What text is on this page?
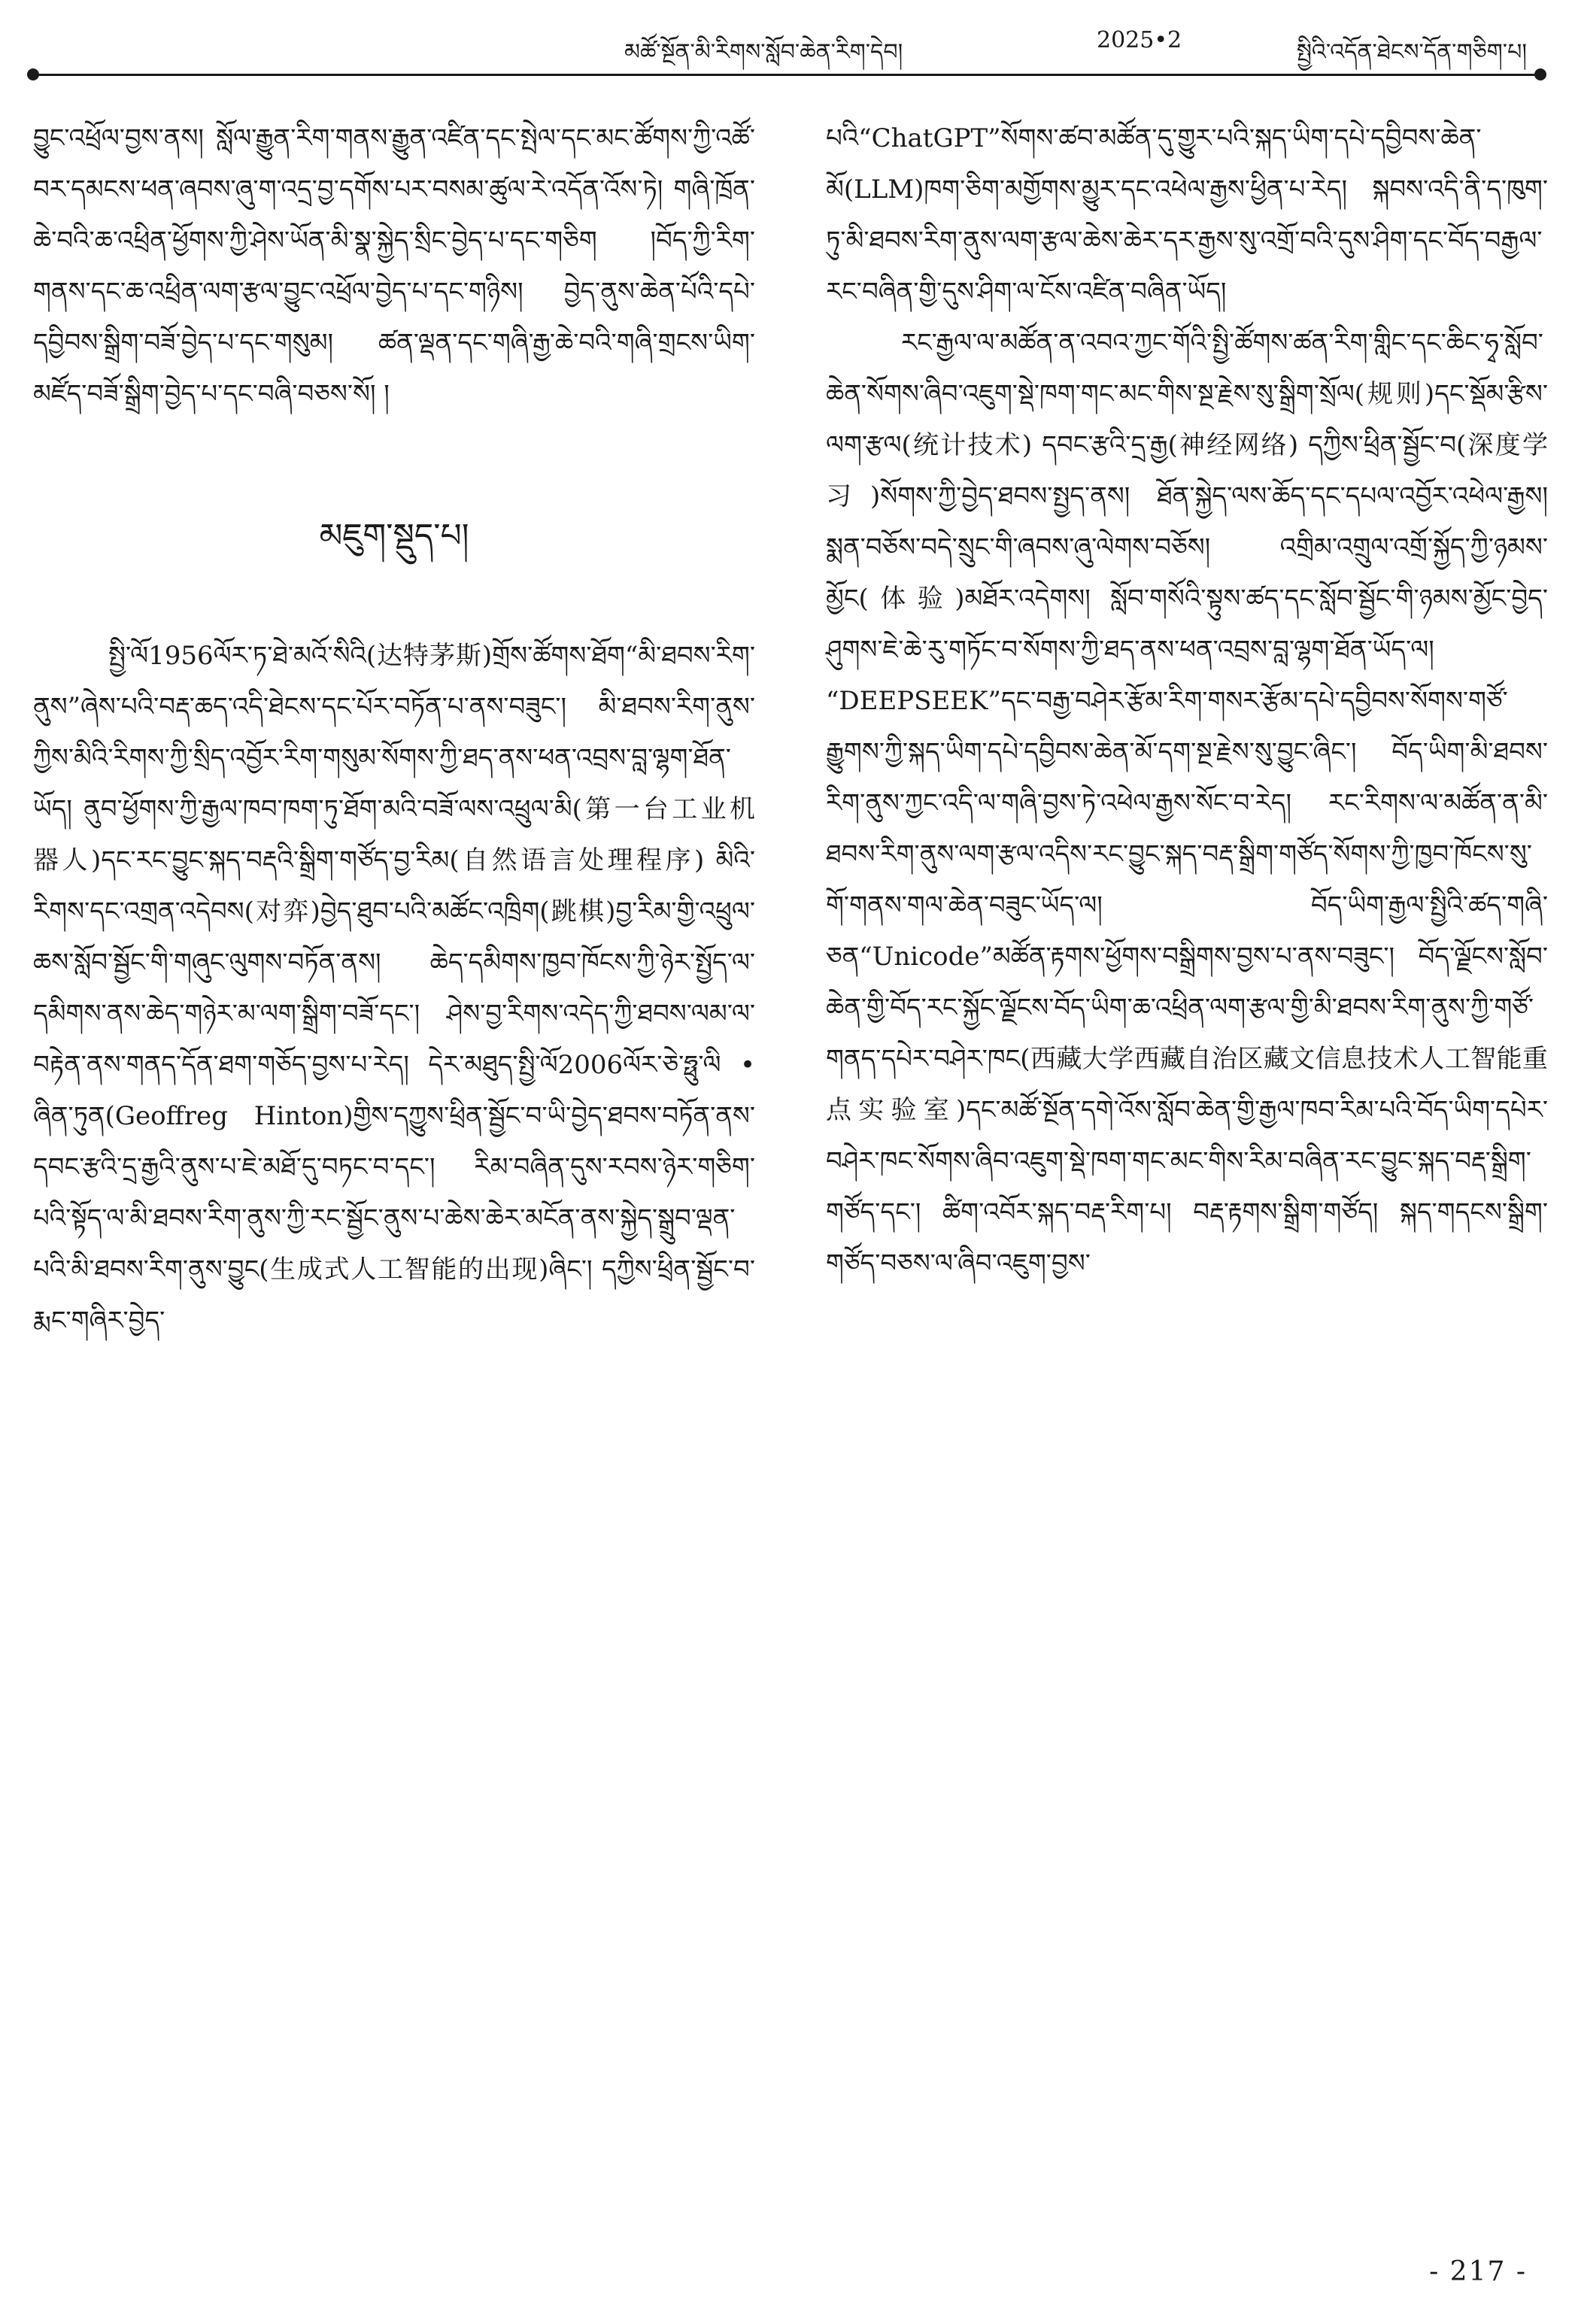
མཚོ་སྔོན་མི་རིགས་སློབ་ཆེན་རིག་དེབ།	2025•2	སྤྱིའི་འདོན་ཐེངས་དོན་གཅིག་པ།

བྱུང་འཕྲོལ་བྱས་ནས། སློལ་རྒྱུན་རིག་གནས་རྒྱུན་འཛིན་དང་སྤེལ་དང་མང་ཚོགས་ཀྱི་འཚོ་བར་དམངས་ཕན་ཞབས་ཞུ་ག་འདྲ་བྱ་དགོས་པར་བསམ་ཚུལ་རེ་འདོན་འོས་ཏེ། གཞི་ཁྲོན་ཆེ་བའི་ཆ་འཕྲིན་ཕྱོགས་ཀྱི་ཤེས་ཡོན་མི་སྣ་སྐྱེད་སྲིང་བྱེད་པ་དང་གཅིག །བོད་ཀྱི་རིག་གནས་དང་ཆ་འཕྲིན་ལག་རྩལ་བྱུང་འཕྲོལ་བྱེད་པ་དང་གཉིས། བྱེད་ནུས་ཆེན་པོའི་དཔེ་དབྱིབས་སྒྲིག་བཟོ་བྱེད་པ་དང་གསུམ། ཚན་ལྡན་དང་གཞི་རྒྱ་ཆེ་བའི་གཞི་གྲངས་ཡིག་མཛོད་བཟོ་སྒྲིག་བྱེད་པ་དང་བཞི་བཅས་སོ། །

མཇུག་སྡུད་པ།

སྤྱི་ལོ1956ལོར་ཏ་ཐེ་མའོ་སིའི(达特茅斯)གྲོས་ཚོགས་ཐོག“མི་ཐབས་རིག་ནུས”ཞེས་པའི་བརྡ་ཆད་འདི་ཐེངས་དང་པོར་བཏོན་པ་ནས་བཟུང་། མི་ཐབས་རིག་ནུས་ཀྱིས་མིའི་རིགས་ཀྱི་སྲིད་འབྱོར་རིག་གསུམ་སོགས་ཀྱི་ཐད་ནས་ཕན་འབྲས་བླ་ལྷག་ཐོན་ཡོད། ནུབ་ཕྱོགས་ཀྱི་རྒྱལ་ཁབ་ཁག་ཏུ་ཐོག་མའི་བཟོ་ལས་འཕྲུལ་མི(第一台工业机器人)དང་རང་བྱུང་སྐད་བརྡའི་སྒྲིག་གཙོད་བྱ་རིམ(自然语言处理程序) མིའི་རིགས་དང་འགྲན་འདེབས(对弈)བྱེད་ཐུབ་པའི་མཚོང་འཁྲིག(跳棋)བྱ་རིམ་གྱི་འཕྲུལ་ཆས་སློབ་སྦྱོང་གི་གཞུང་ལུགས་བཏོན་ནས། ཆེད་དམིགས་ཁྱབ་ཁོངས་ཀྱི་ཉེར་སྤྱོད་ལ་དམིགས་ནས་ཆེད་གཉེར་མ་ལག་སྒྲིག་བཟོ་དང་། ཤེས་བྱ་རིགས་འདེད་ཀྱི་ཐབས་ལམ་ལ་བརྟེན་ནས་གནད་དོན་ཐག་གཅོད་བྱས་པ་རེད། དེར་མཐུད་སྤྱི་ལོ2006ལོར་ཅེ་ཧྥུ་ལི • ཞིན་ཏུན(Geoffreg Hinton)གྱིས་དཀྱུས་ཕྲིན་སྦྱོང་བ་ཡི་བྱེད་ཐབས་བཏོན་ནས་དབང་རྩའི་དྲ་རྒྱའི་ནུས་པ་ཇེ་མཐོ་དུ་བཏང་བ་དང་། རིམ་བཞིན་དུས་རབས་ཉེར་གཅིག་པའི་སྟོད་ལ་མི་ཐབས་རིག་ནུས་ཀྱི་རང་སྦྱོང་ནུས་པ་ཆེས་ཆེར་མངོན་ནས་སྐྱེད་སྒྲུབ་ལྡན་པའི་མི་ཐབས་རིག་ནུས་བྱུང(生成式人工智能的出现)ཞིང་། དཀྱིས་ཕྲིན་སྦྱོང་བ་རྨང་གཞིར་བྱེད་

པའི“ChatGPT”སོགས་ཚབ་མཚོན་དུ་གྱུར་པའི་སྐད་ཡིག་དཔེ་དབྱིབས་ཆེན་མོ(LLM)ཁག་ཅིག་མགྱོགས་མྱུར་དང་འཕེལ་རྒྱས་ཕྱིན་པ་རེད། སྐབས་འདི་ནི་ད་ཁུག་ཏུ་མི་ཐབས་རིག་ནུས་ལག་རྩལ་ཆེས་ཆེར་དར་རྒྱས་སུ་འགྲོ་བའི་དུས་ཤིག་དང་བོད་བརྒྱལ་རང་བཞིན་གྱི་དུས་ཤིག་ལ་ངོས་འཛིན་བཞིན་ཡོད།

རང་རྒྱལ་ལ་མཚོན་ན་འབའ་ཀྱང་གོའི་སྤྱི་ཚོགས་ཚན་རིག་གླིང་དང་ཆིང་ཧྭ་སློབ་ཆེན་སོགས་ཞིབ་འཇུག་སྡེ་ཁག་གང་མང་གིས་སྔ་རྗེས་སུ་སྒྲིག་སྲོལ(规则)དང་སྡོམ་རྩིས་ལག་རྩལ(统计技术) དབང་རྩའི་དྲ་རྒྱ(神经网络) དཀྱིས་ཕྲིན་སྦྱོང་བ(深度学习)སོགས་ཀྱི་བྱེད་ཐབས་སྤྱད་ནས། ཐོན་སྐྱེད་ལས་ཆོད་དང་དཔལ་འབྱོར་འཕེལ་རྒྱས། སྨན་བཅོས་བདེ་སྲུང་གི་ཞབས་ཞུ་ལེགས་བཅོས། འགྲིམ་འགྲུལ་འགྲོ་སྐྱོད་ཀྱི་ཉམས་མྱོང(体验)མཐོར་འདེགས། སློབ་གསོའི་སྟུས་ཚད་དང་སློབ་སྦྱོང་གི་ཉམས་མྱོང་བྱེད་ཤུགས་ཇེ་ཆེ་རུ་གཏོང་བ་སོགས་ཀྱི་ཐད་ནས་ཕན་འབྲས་བླ་ལྷག་ཐོན་ཡོད་ལ། “DEEPSEEK”དང་བརྒྱ་བཤེར་རྩོམ་རིག་གསར་རྩོམ་དཔེ་དབྱིབས་སོགས་གཙོ་རྒྱུགས་ཀྱི་སྐད་ཡིག་དཔེ་དབྱིབས་ཆེན་མོ་དག་སྔ་རྗེས་སུ་བྱུང་ཞིང་། བོད་ཡིག་མི་ཐབས་རིག་ནུས་ཀྱང་འདི་ལ་གཞི་བྱས་ཏེ་འཕེལ་རྒྱས་སོང་བ་རེད། རང་རིགས་ལ་མཚོན་ན་མི་ཐབས་རིག་ནུས་ལག་རྩལ་འདིས་རང་བྱུང་སྐད་བརྡ་སྒྲིག་གཙོད་སོགས་ཀྱི་ཁྱབ་ཁོངས་སུ་གོ་གནས་གལ་ཆེན་བཟུང་ཡོད་ལ། བོད་ཡིག་རྒྱལ་སྤྱིའི་ཚད་གཞི་ཅན“Unicode”མཚོན་རྟགས་ཕྱོགས་བསྒྲིགས་བྱས་པ་ནས་བཟུང་། བོད་ལྗོངས་སློབ་ཆེན་གྱི་བོད་རང་སྐྱོང་ལྗོངས་བོད་ཡིག་ཆ་འཕྲིན་ལག་རྩལ་གྱི་མི་ཐབས་རིག་ནུས་ཀྱི་གཙོ་གནད་དཔེར་བཤེར་ཁང(西藏大学西藏自治区藏文信息技术人工智能重点实验室)དང་མཚོ་སྔོན་དགེ་འོས་སློབ་ཆེན་གྱི་རྒྱལ་ཁབ་རིམ་པའི་བོད་ཡིག་དཔེར་བཤེར་ཁང་སོགས་ཞིབ་འཇུག་སྡེ་ཁག་གང་མང་གིས་རིམ་བཞིན་རང་བྱུང་སྐད་བརྡ་སྒྲིག་གཙོད་དང་། ཚིག་འབོར་སྐད་བརྡ་རིག་པ། བརྡ་རྟགས་སྒྲིག་གཙོད། སྐད་གདངས་སྒྲིག་གཙོད་བཅས་ལ་ཞིབ་འཇུག་བྱས་

- 217 -
